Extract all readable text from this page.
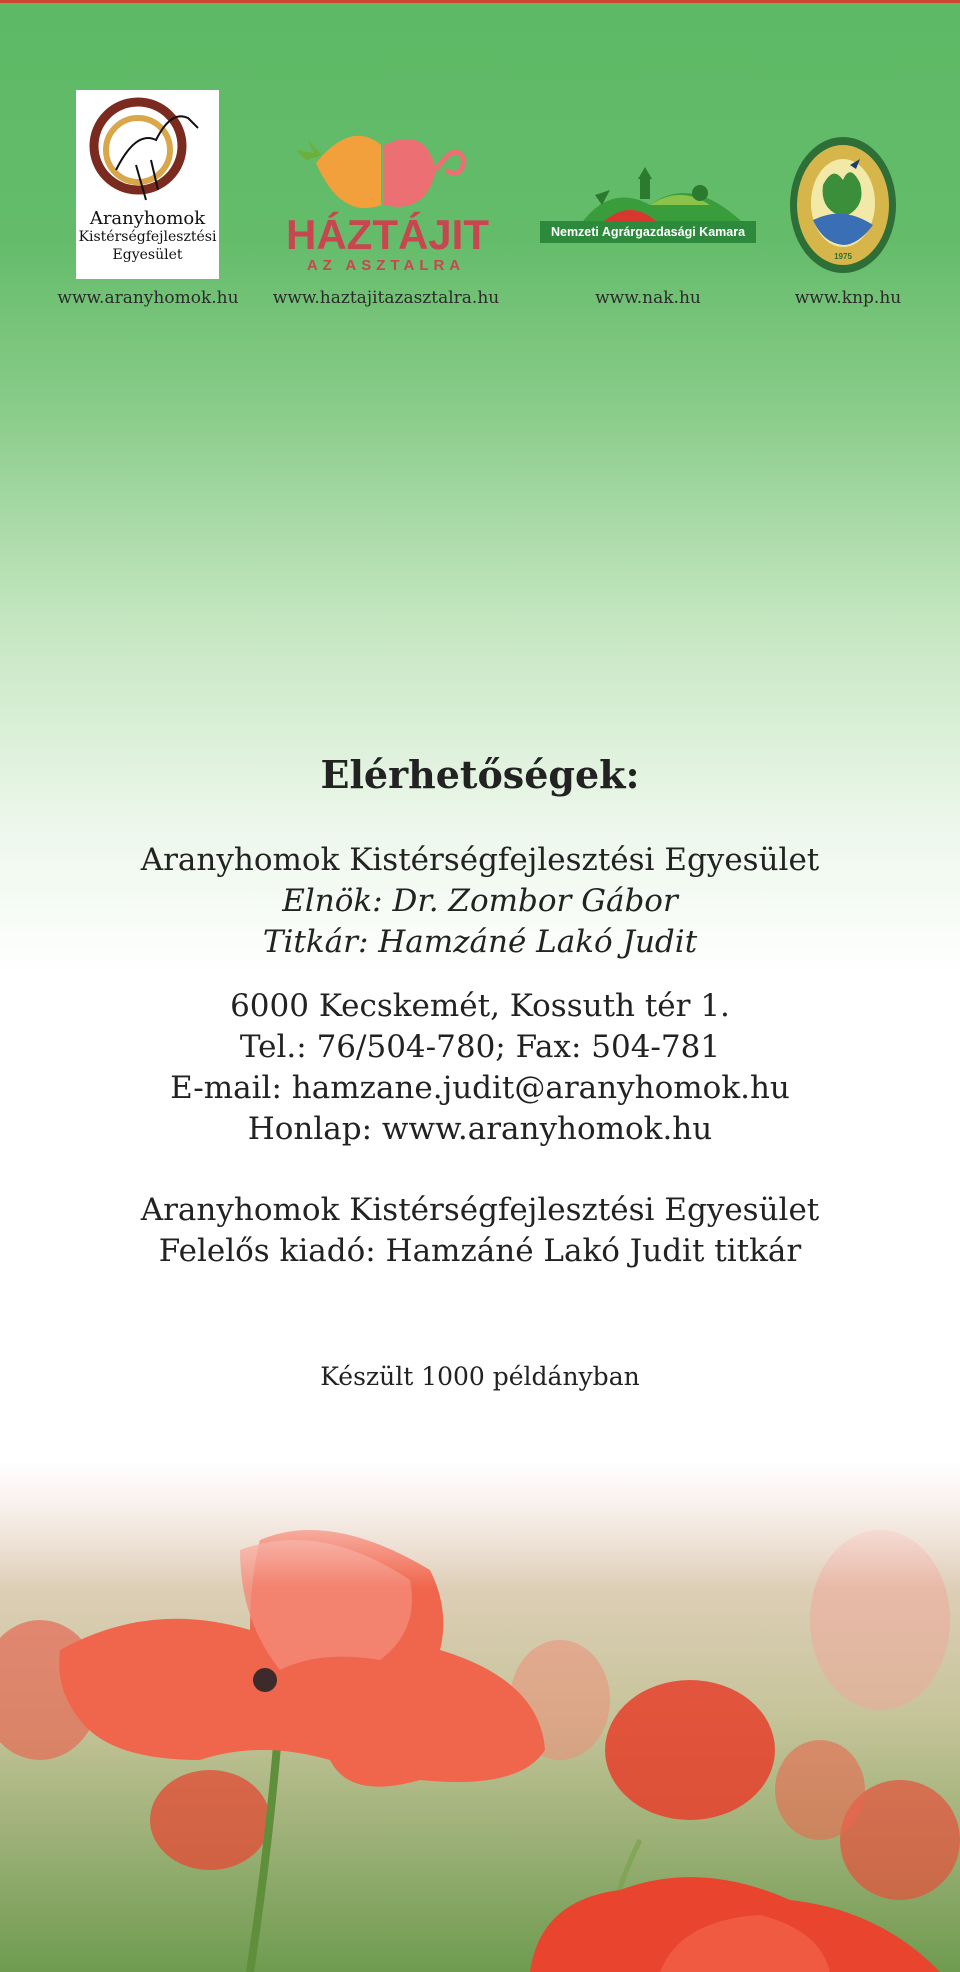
Aranyhomok
Kistérségfejlesztési
Egyesület
www.aranyhomok.hu
HÁZTÁJIT
AZ ASZTALRA
www.haztajitazasztalra.hu
Nemzeti Agrárgazdasági Kamara
www.nak.hu
1975
www.knp.hu
Elérhetőségek:
Aranyhomok Kistérségfejlesztési Egyesület
Elnök: Dr. Zombor Gábor
Titkár: Hamzáné Lakó Judit
6000 Kecskemét, Kossuth tér 1.
Tel.: 76/504-780; Fax: 504-781
E-mail: hamzane.judit@aranyhomok.hu
Honlap: www.aranyhomok.hu
Aranyhomok Kistérségfejlesztési Egyesület
Felelős kiadó: Hamzáné Lakó Judit titkár
Készült 1000 példányban
